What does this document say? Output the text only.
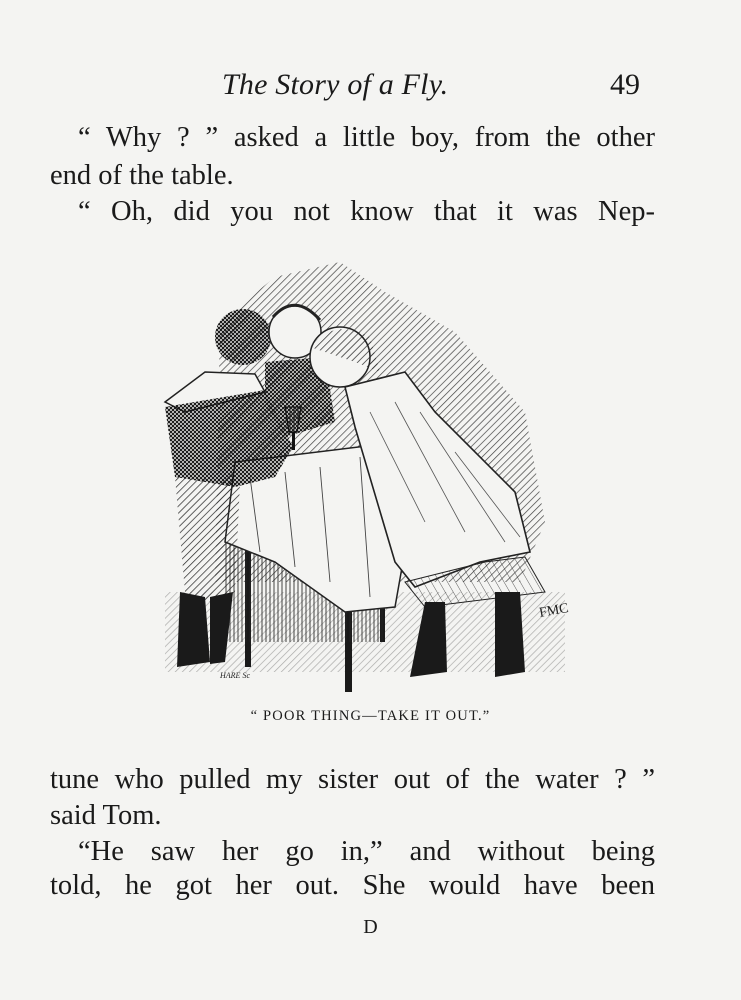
The Story of a Fly.	49
“ Why ? ” asked a little boy, from the other
end of the table.
“ Oh, did you not know that it was Nep-
HARE Sc
FMC
“ POOR THING—TAKE IT OUT.”
tune who pulled my sister out of the water ? ”
said Tom.
“He saw her go in,” and without being
told, he got her out. She would have been
D
